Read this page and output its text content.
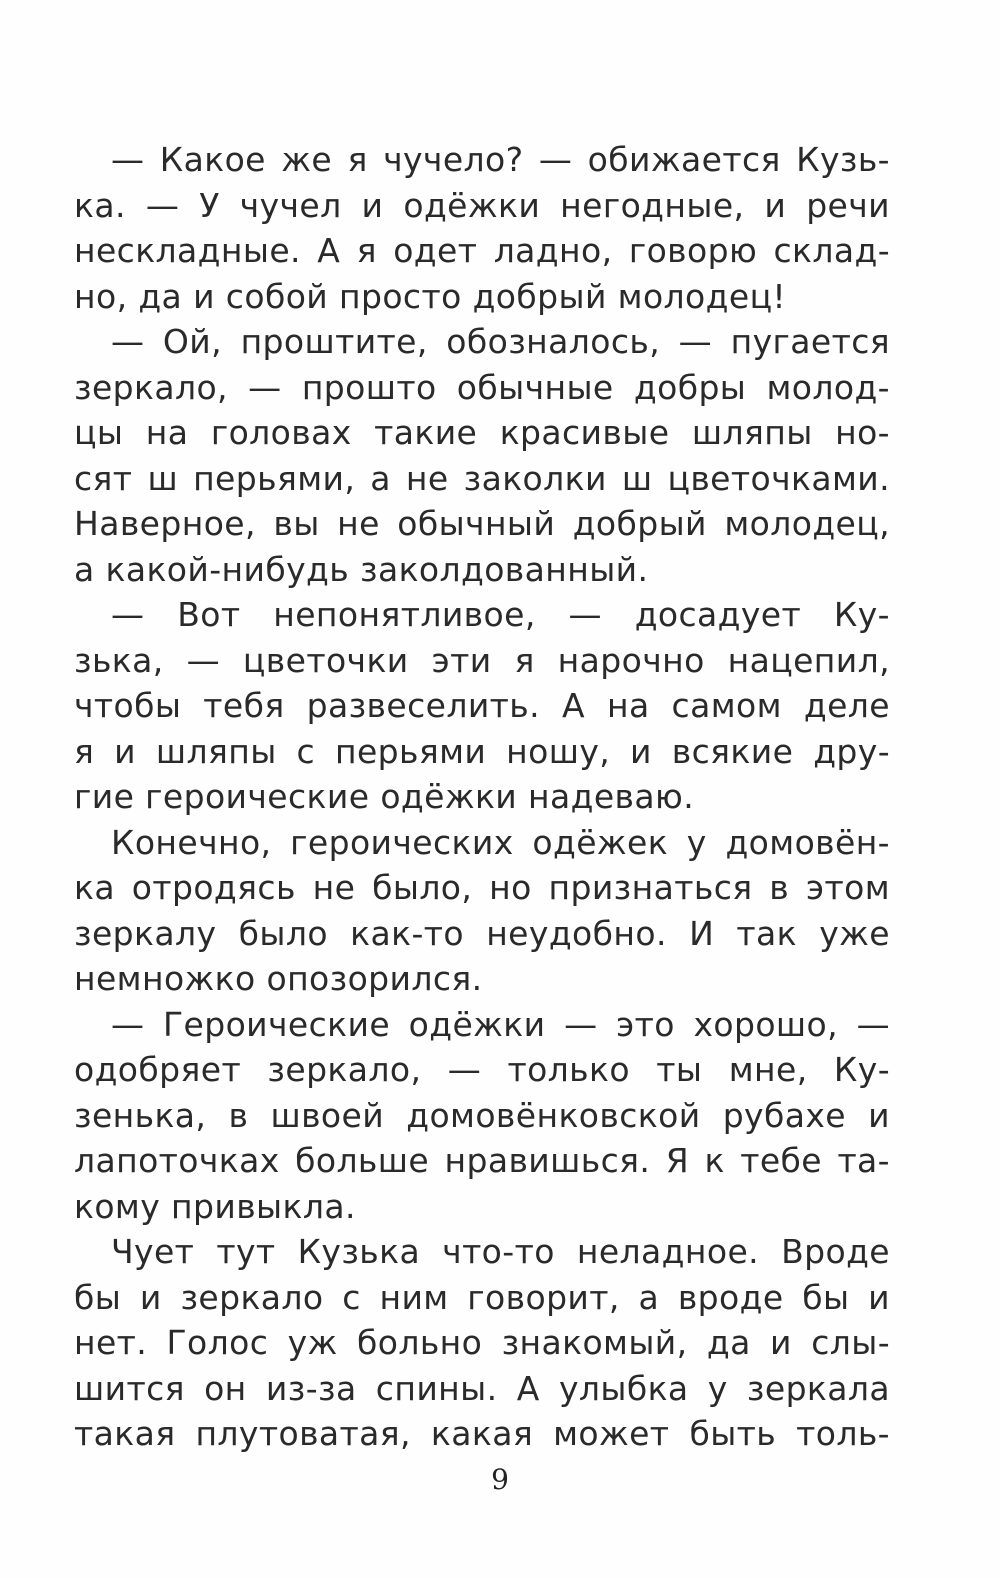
— Какое же я чучело? — обижается Кузь-
ка. — У чучел и одёжки негодные, и речи
нескладные. А я одет ладно, говорю склад-
но, да и собой просто добрый молодец!
— Ой, проштите, обозналось, — пугается
зеркало, — прошто обычные добры молод-
цы на головах такие красивые шляпы но-
сят ш перьями, а не заколки ш цветочками.
Наверное, вы не обычный добрый молодец,
а какой-нибудь заколдованный.
— Вот непонятливое, — досадует Ку-
зька, — цветочки эти я нарочно нацепил,
чтобы тебя развеселить. А на самом деле
я и шляпы с перьями ношу, и всякие дру-
гие героические одёжки надеваю.
Конечно, героических одёжек у домовён-
ка отродясь не было, но признаться в этом
зеркалу было как-то неудобно. И так уже
немножко опозорился.
— Героические одёжки — это хорошо, —
одобряет зеркало, — только ты мне, Ку-
зенька, в швоей домовёнковской рубахе и
лапоточках больше нравишься. Я к тебе та-
кому привыкла.
Чует тут Кузька что-то неладное. Вроде
бы и зеркало с ним говорит, а вроде бы и
нет. Голос уж больно знакомый, да и слы-
шится он из-за спины. А улыбка у зеркала
такая плутоватая, какая может быть толь-
9
